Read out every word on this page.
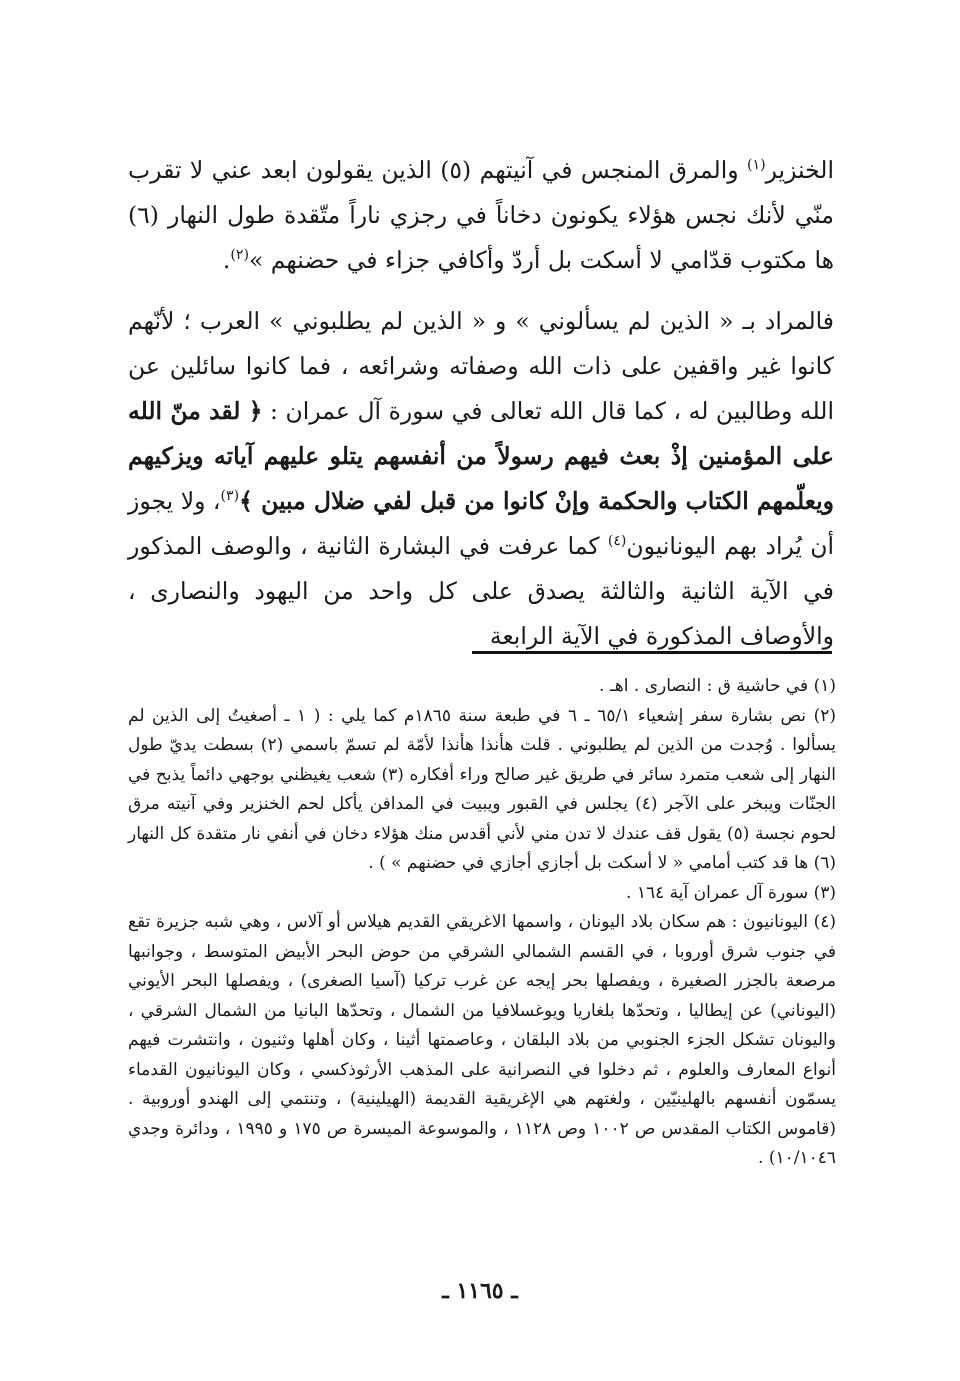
الخنزير$^{(١)}$ والمرق المنجس في آنيتهم (٥) الذين يقولون ابعد عني لا تقرب منّي لأنك نجس هؤلاء يكونون دخاناً في رجزي ناراً متّقدة طول النهار (٦) ها مكتوب قدّامي لا أسكت بل أردّ وأكافي جزاء في حضنهم »$^{(٢)}$.

فالمراد بـ « الذين لم يسألوني » و « الذين لم يطلبوني » العرب ؛ لأنّهم كانوا غير واقفين على ذات الله وصفاته وشرائعه ، فما كانوا سائلين عن الله وطالبين له ، كما قال الله تعالى في سورة آل عمران : ﴿ لقد منّ الله على المؤمنين إذْ بعث فيهم رسولاً من أنفسهم يتلو عليهم آياته ويزكيهم ويعلّمهم الكتاب والحكمة وإنْ كانوا من قبل لفي ضلال مبين ﴾$^{(٣)}$، ولا يجوز أن يُراد بهم اليونانيون$^{(٤)}$ كما عرفت في البشارة الثانية ، والوصف المذكور في الآية الثانية والثالثة يصدق على كل واحد من اليهود والنصارى ، والأوصاف المذكورة في الآية الرابعة

(١) في حاشية ق : النصارى . اهـ .

(٢) نص بشارة سفر إشعياء ٦٥/١ ـ ٦ في طبعة سنة ١٨٦٥م كما يلي : ( ١ ـ أصغيتُ إلى الذين لم يسألوا . وُجدت من الذين لم يطلبوني . قلت هأنذا هأنذا لأمّة لم تسمّ باسمي (٢) بسطت يديّ طول النهار إلى شعب متمرد سائر في طريق غير صالح وراء أفكاره (٣) شعب يغيظني بوجهي دائماً يذبح في الجنّات ويبخر على الآجر (٤) يجلس في القبور ويبيت في المدافن يأكل لحم الخنزير وفي آنيته مرق لحوم نجسة (٥) يقول قف عندك لا تدن مني لأني أقدس منك هؤلاء دخان في أنفي نار متقدة كل النهار (٦) ها قد كتب أمامي « لا أسكت بل أجازي أجازي في حضنهم » ) .

(٣) سورة آل عمران آية ١٦٤ .

(٤) اليونانيون : هم سكان بلاد اليونان ، واسمها الاغريقي القديم هيلاس أو آلاس ، وهي شبه جزيرة تقع في جنوب شرق أوروبا ، في القسم الشمالي الشرقي من حوض البحر الأبيض المتوسط ، وجوانبها مرصعة بالجزر الصغيرة ، ويفصلها بحر إيجه عن غرب تركيا (آسيا الصغرى) ، ويفصلها البحر الأيوني (اليوناني) عن إيطاليا ، وتحدّها بلغاريا ويوغسلافيا من الشمال ، وتحدّها البانيا من الشمال الشرقي ، واليونان تشكل الجزء الجنوبي من بلاد البلقان ، وعاصمتها أثينا ، وكان أهلها وثنيون ، وانتشرت فيهم أنواع المعارف والعلوم ، ثم دخلوا في النصرانية على المذهب الأرثوذكسي ، وكان اليونانيون القدماء يسمّون أنفسهم بالهلينيّين ، ولغتهم هي الإغريقية القديمة (الهيلينية) ، وتنتمي إلى الهندو أوروبية . (قاموس الكتاب المقدس ص ١٠٠٢ وص ١١٢٨ ، والموسوعة الميسرة ص ١٧٥ و ١٩٩٥ ، ودائرة وجدي ١٠/١٠٤٦) .

ـ ١١٦٥ ـ
